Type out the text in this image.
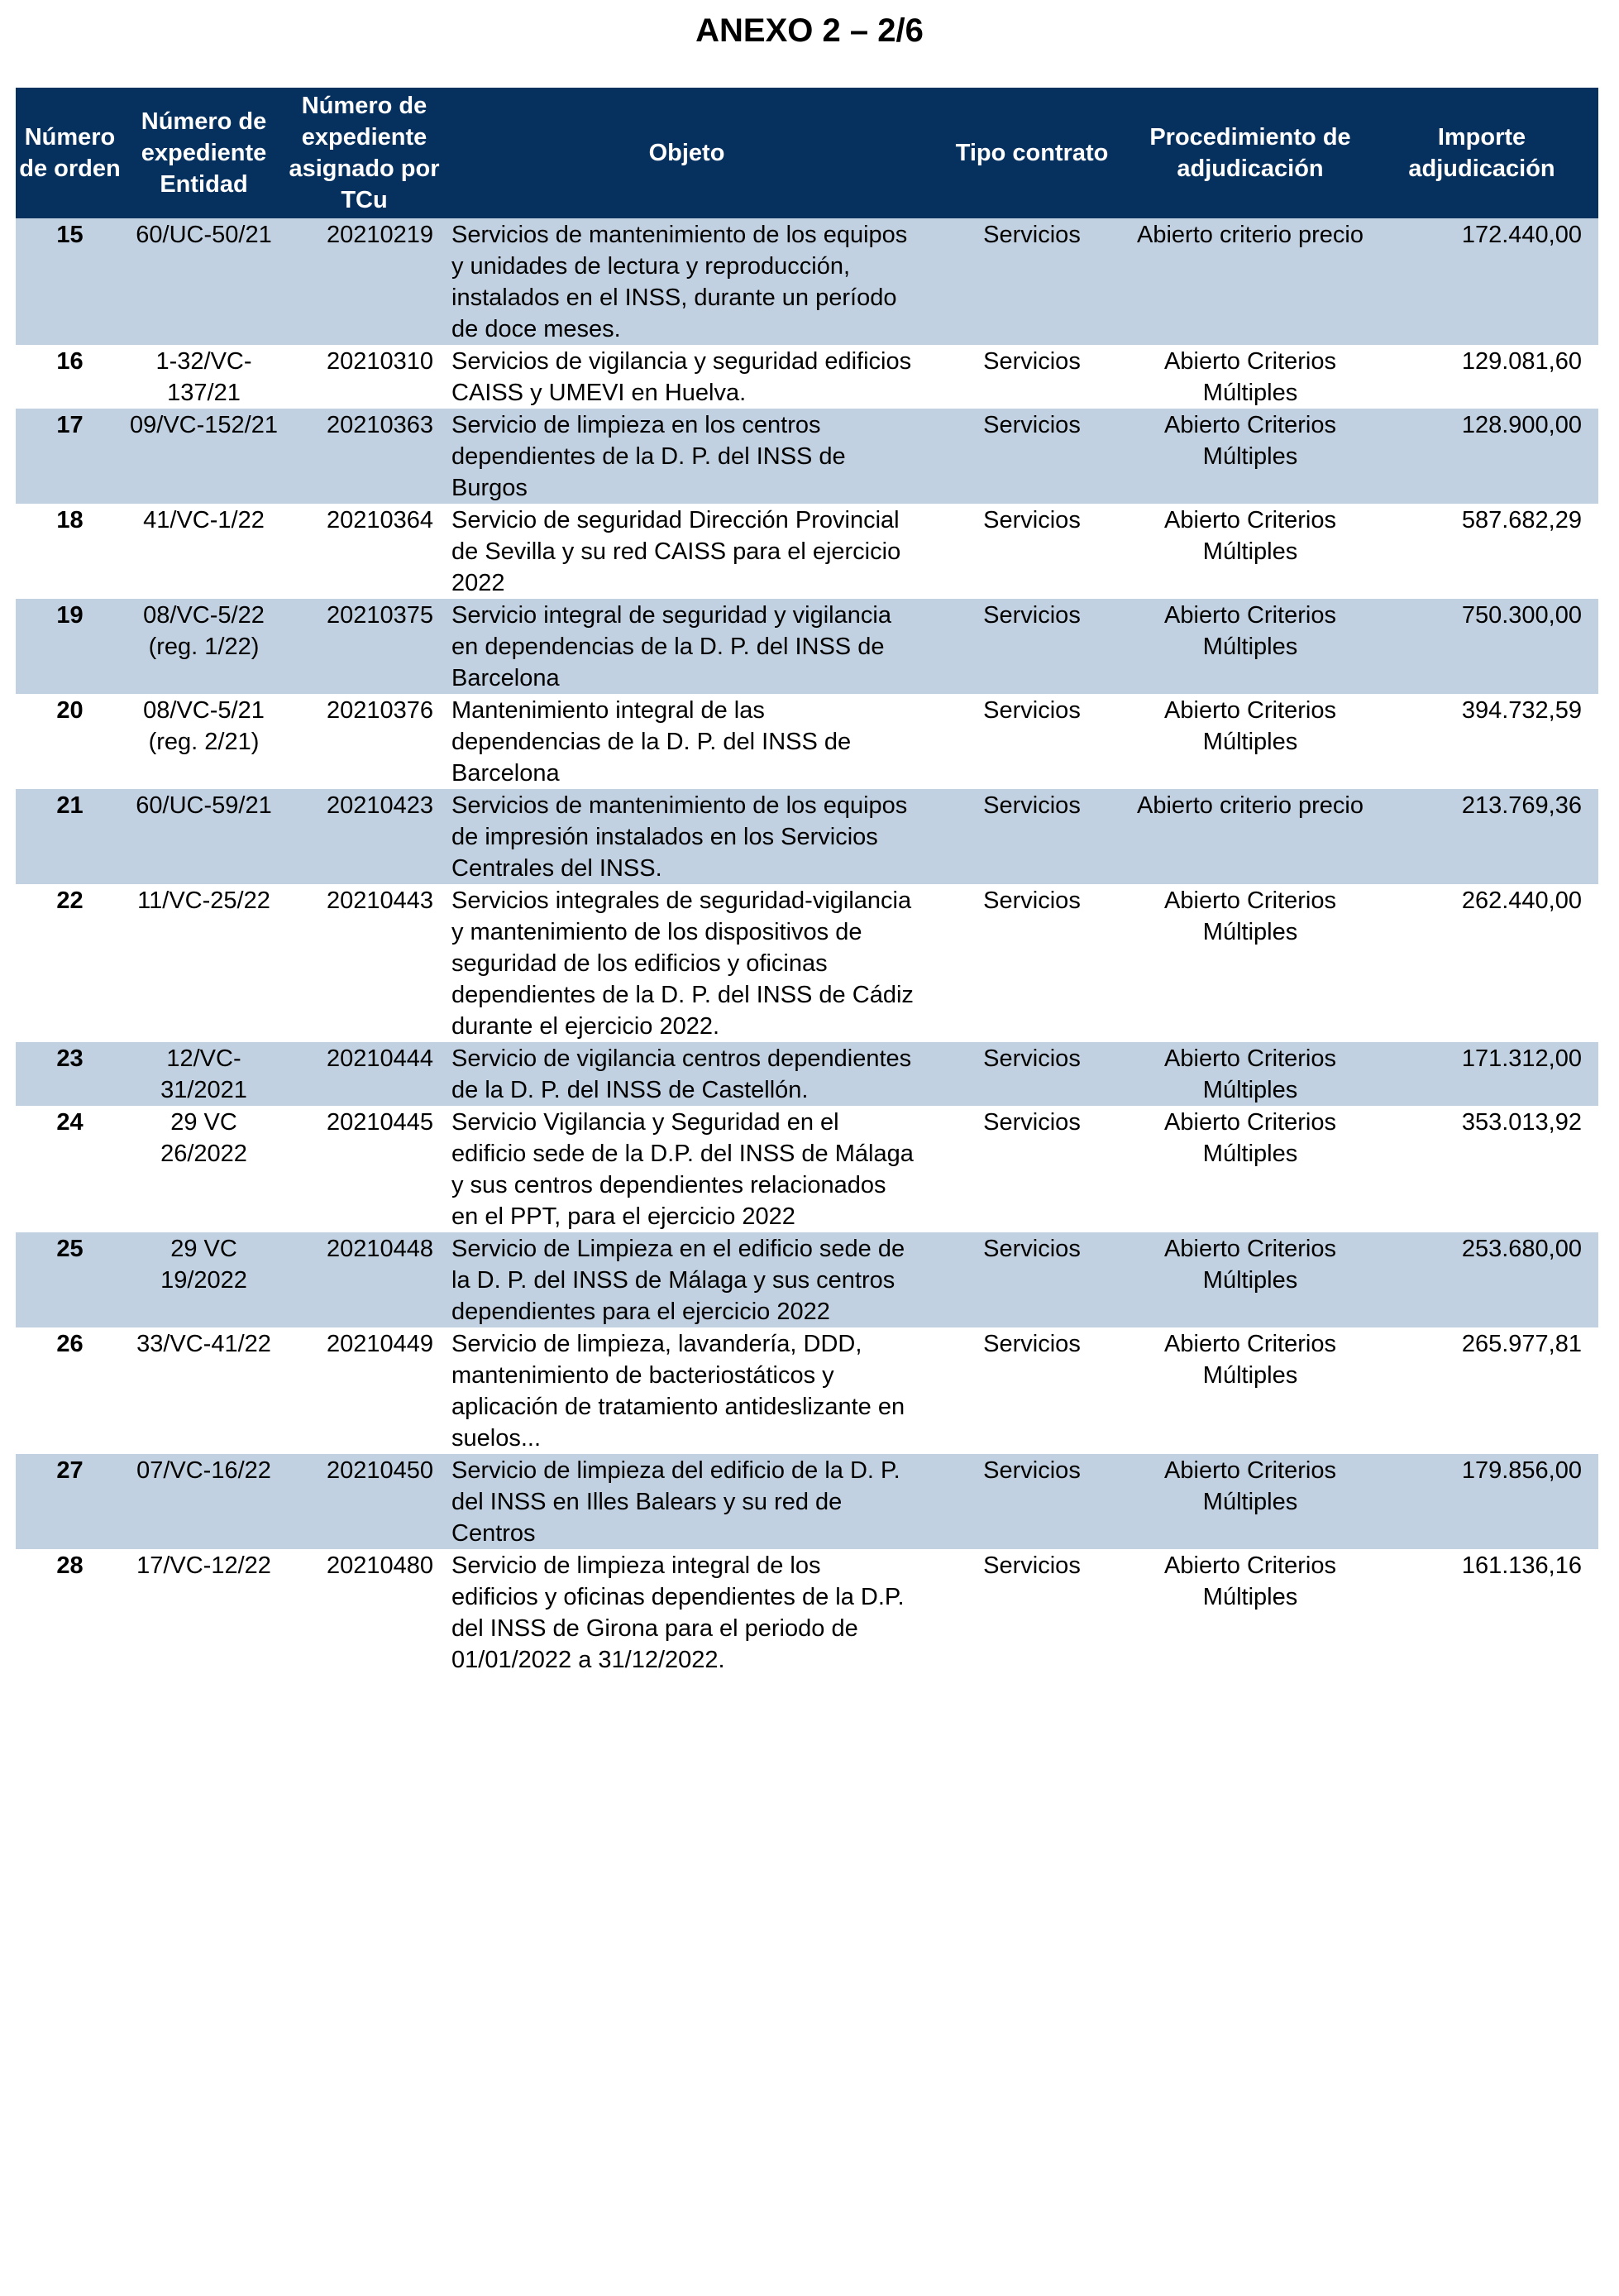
ANEXO 2 – 2/6
Número de orden	Número de expediente Entidad	Número de expediente asignado por TCu	Objeto	Tipo contrato	Procedimiento de adjudicación	Importe adjudicación
15	60/UC-50/21	20210219	Servicios de mantenimiento de los equipos y unidades de lectura y reproducción, instalados en el INSS, durante un período de doce meses.	Servicios	Abierto criterio precio	172.440,00
16	1-32/VC-137/21	20210310	Servicios de vigilancia y seguridad edificios CAISS y UMEVI en Huelva.	Servicios	Abierto Criterios Múltiples	129.081,60
17	09/VC-152/21	20210363	Servicio de limpieza en los centros dependientes de la D. P. del INSS de Burgos	Servicios	Abierto Criterios Múltiples	128.900,00
18	41/VC-1/22	20210364	Servicio de seguridad Dirección Provincial de Sevilla y su red CAISS para el ejercicio 2022	Servicios	Abierto Criterios Múltiples	587.682,29
19	08/VC-5/22 (reg. 1/22)	20210375	Servicio integral de seguridad y vigilancia en dependencias de la D. P. del INSS de Barcelona	Servicios	Abierto Criterios Múltiples	750.300,00
20	08/VC-5/21 (reg. 2/21)	20210376	Mantenimiento integral de las dependencias de la D. P. del INSS de Barcelona	Servicios	Abierto Criterios Múltiples	394.732,59
21	60/UC-59/21	20210423	Servicios de mantenimiento de los equipos de impresión instalados en los Servicios Centrales del INSS.	Servicios	Abierto criterio precio	213.769,36
22	11/VC-25/22	20210443	Servicios integrales de seguridad-vigilancia y mantenimiento de los dispositivos de seguridad de los edificios y oficinas dependientes de la D. P. del INSS de Cádiz durante el ejercicio 2022.	Servicios	Abierto Criterios Múltiples	262.440,00
23	12/VC-31/2021	20210444	Servicio de vigilancia centros dependientes de la D. P. del INSS de Castellón.	Servicios	Abierto Criterios Múltiples	171.312,00
24	29 VC 26/2022	20210445	Servicio Vigilancia y Seguridad en el edificio sede de la D.P. del INSS de Málaga y sus centros dependientes relacionados en el PPT, para el ejercicio 2022	Servicios	Abierto Criterios Múltiples	353.013,92
25	29 VC 19/2022	20210448	Servicio de Limpieza en el edificio sede de la D. P. del INSS de Málaga y sus centros dependientes para el ejercicio 2022	Servicios	Abierto Criterios Múltiples	253.680,00
26	33/VC-41/22	20210449	Servicio de limpieza, lavandería, DDD, mantenimiento de bacteriostáticos y aplicación de tratamiento antideslizante en suelos...	Servicios	Abierto Criterios Múltiples	265.977,81
27	07/VC-16/22	20210450	Servicio de limpieza del edificio de la D. P. del INSS en Illes Balears y su red de Centros	Servicios	Abierto Criterios Múltiples	179.856,00
28	17/VC-12/22	20210480	Servicio de limpieza integral de los edificios y oficinas dependientes de la D.P. del INSS de Girona para el periodo de 01/01/2022 a 31/12/2022.	Servicios	Abierto Criterios Múltiples	161.136,16
